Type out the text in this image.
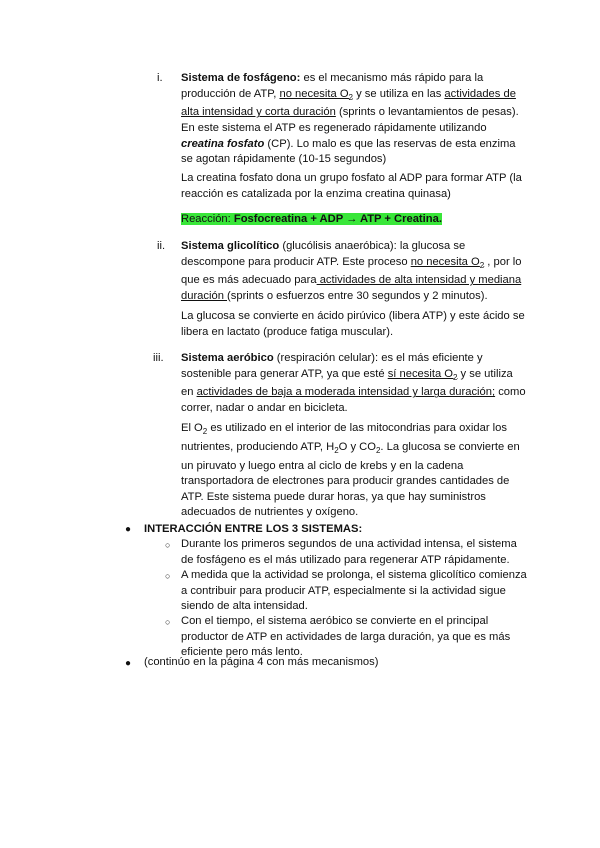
i.	Sistema de fosfágeno: es el mecanismo más rápido para la producción de ATP, no necesita $O_2$ y se utiliza en las actividades de alta intensidad y corta duración (sprints o levantamientos de pesas). En este sistema el ATP es regenerado rápidamente utilizando creatina fosfato (CP). Lo malo es que las reservas de esta enzima se agotan rápidamente (10-15 segundos)

La creatina fosfato dona un grupo fosfato al ADP para formar ATP (la reacción es catalizada por la enzima creatina quinasa)

Reacción: Fosfocreatina + ADP → ATP + Creatina.

ii.	Sistema glicolítico (glucólisis anaeróbica): la glucosa se descompone para producir ATP. Este proceso no necesita $O_2$ , por lo que es más adecuado para actividades de alta intensidad y mediana duración (sprints o esfuerzos entre 30 segundos y 2 minutos).

La glucosa se convierte en ácido pirúvico (libera ATP) y este ácido se libera en lactato (produce fatiga muscular).

iii.	Sistema aeróbico (respiración celular): es el más eficiente y sostenible para generar ATP, ya que esté sí necesita $O_2$ y se utiliza en actividades de baja a moderada intensidad y larga duración; como correr, nadar o andar en bicicleta.

El $O_2$ es utilizado en el interior de las mitocondrias para oxidar los nutrientes, produciendo ATP, $H_2O$ y $CO_2$. La glucosa se convierte en un piruvato y luego entra al ciclo de krebs y en la cadena transportadora de electrones para producir grandes cantidades de ATP. Este sistema puede durar horas, ya que hay suministros adecuados de nutrientes y oxígeno.

● INTERACCIÓN ENTRE LOS 3 SISTEMAS:

○ Durante los primeros segundos de una actividad intensa, el sistema de fosfágeno es el más utilizado para regenerar ATP rápidamente.

○ A medida que la actividad se prolonga, el sistema glicolítico comienza a contribuir para producir ATP, especialmente si la actividad sigue siendo de alta intensidad.

○ Con el tiempo, el sistema aeróbico se convierte en el principal productor de ATP en actividades de larga duración, ya que es más eficiente pero más lento.

● (continúo en la página 4 con más mecanismos)
